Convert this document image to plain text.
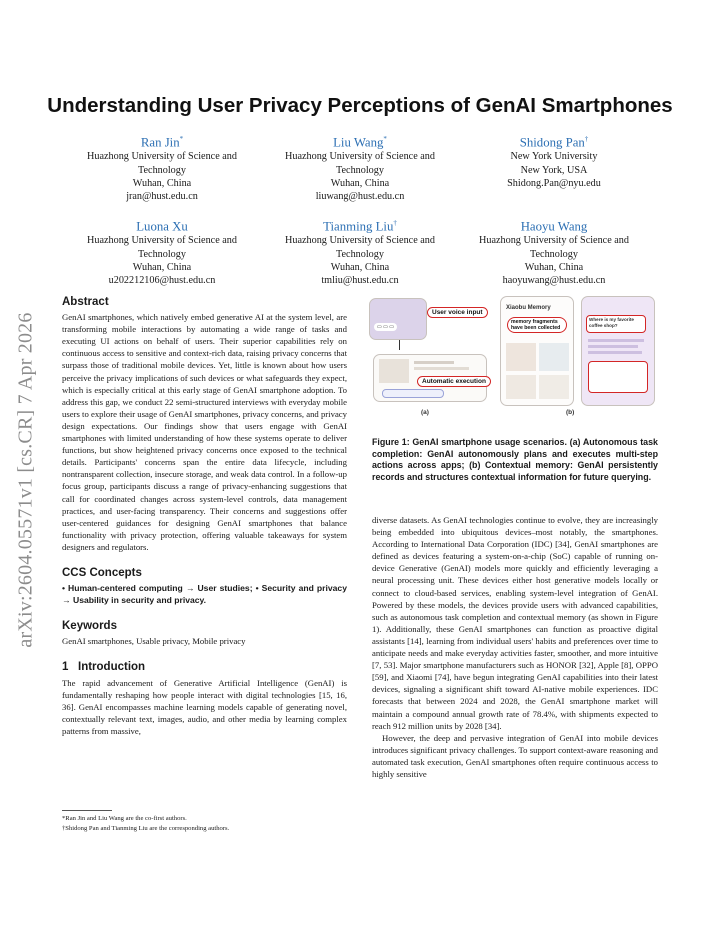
arXiv:2604.05571v1 [cs.CR] 7 Apr 2026
Understanding User Privacy Perceptions of GenAI Smartphones
Ran Jin*
Huazhong University of Science and Technology
Wuhan, China
jran@hust.edu.cn
Liu Wang*
Huazhong University of Science and Technology
Wuhan, China
liuwang@hust.edu.cn
Shidong Pan†
New York University
New York, USA
Shidong.Pan@nyu.edu
Luona Xu
Huazhong University of Science and Technology
Wuhan, China
u202212106@hust.edu.cn
Tianming Liu†
Huazhong University of Science and Technology
Wuhan, China
tmliu@hust.edu.cn
Haoyu Wang
Huazhong University of Science and Technology
Wuhan, China
haoyuwang@hust.edu.cn
Abstract

GenAI smartphones, which natively embed generative AI at the system level, are transforming mobile interactions by automating a wide range of tasks and executing UI actions on behalf of users. Their superior capabilities rely on continuous access to sensitive and context-rich data, raising privacy concerns that surpass those of traditional mobile devices. Yet, little is known about how users perceive the privacy implications of such devices or what safeguards they expect, which is especially critical at this early stage of GenAI smartphone adoption. To address this gap, we conduct 22 semi-structured interviews with everyday mobile users to explore their usage of GenAI smartphones, privacy concerns, and privacy design expectations. Our findings show that users engage with GenAI smartphones with limited understanding of how these systems operate to deliver functions, but show heightened privacy concerns once exposed to the technical details. Participants' concerns span the entire data lifecycle, including nontransparent collection, insecure storage, and weak data control. In a follow-up focus group, participants discuss a range of privacy-enhancing suggestions that call for coordinated changes across system-level controls, data management practices, and user-facing transparency. Their concerns and suggestions offer user-centered guidances for designing GenAI smartphones that balance functionality with privacy protection, offering valuable takeaways for system designers and regulators.

CCS Concepts

• Human-centered computing → User studies; • Security and privacy → Usability in security and privacy.

Keywords

GenAI smartphones, Usable privacy, Mobile privacy

1 Introduction

The rapid advancement of Generative Artificial Intelligence (GenAI) is fundamentally reshaping how people interact with digital technologies [15, 16, 36]. GenAI encompasses machine learning models capable of generating novel, contextually relevant text, images, audio, and other media by learning complex patterns from massive,

*Ran Jin and Liu Wang are the co-first authors.
†Shidong Pan and Tianming Liu are the corresponding authors.
▭ ▭ ▭
User voice input
Automatic execution
(a)
Xiaobu Memory
memory fragments have been collected
Where is my favorite coffee shop?
(b)
Figure 1: GenAI smartphone usage scenarios. (a) Autonomous task completion: GenAI autonomously plans and executes multi-step actions across apps; (b) Contextual memory: GenAI persistently records and structures contextual information for future querying.

diverse datasets. As GenAI technologies continue to evolve, they are increasingly being embedded into ubiquitous devices–most notably, the smartphones. According to International Data Corporation (IDC) [34], GenAI smartphones are defined as devices featuring a system-on-a-chip (SoC) capable of running on-device Generative (GenAI) models more quickly and efficiently leveraging a neural processing unit. These devices either host generative models locally or connect to cloud-based services, enabling system-level integration of GenAI. Powered by these models, the devices provide users with advanced capabilities, such as autonomous task completion and contextual memory (as shown in Figure 1). Additionally, these GenAI smartphones can function as proactive digital assistants [14], learning from individual users' habits and preferences over time to anticipate needs and make everyday activities faster, smoother, and more intuitive [7, 53]. Major smartphone manufacturers such as HONOR [32], Apple [8], OPPO [59], and Xiaomi [74], have begun integrating GenAI capabilities into their latest devices, signaling a significant shift toward AI-native mobile experiences. IDC forecasts that between 2024 and 2028, the GenAI smartphone market will maintain a compound annual growth rate of 78.4%, with shipments expected to reach 912 million units by 2028 [34].

However, the deep and pervasive integration of GenAI into mobile devices introduces significant privacy challenges. To support context-aware reasoning and automated task execution, GenAI smartphones often require continuous access to highly sensitive
